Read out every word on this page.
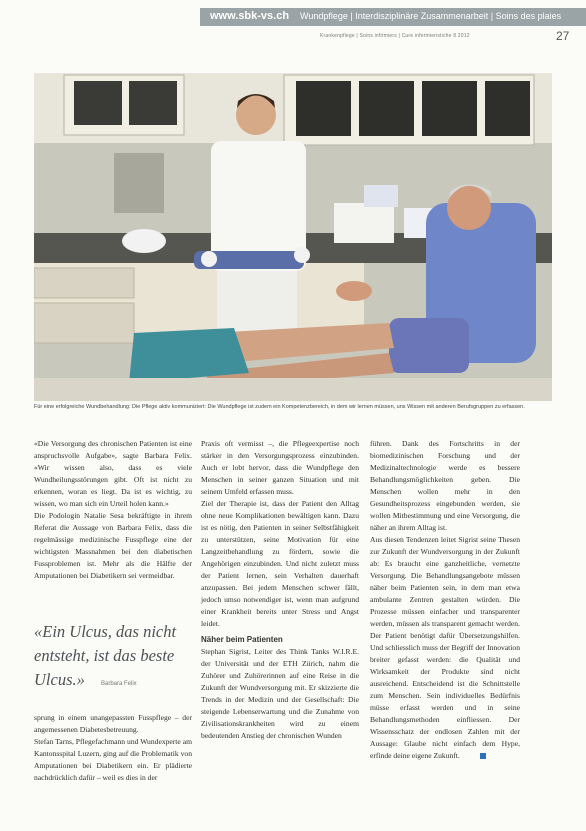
www.sbk-vs.ch Wundpflege | Interdisziplinäre Zusammenarbeit | Soins des plaies
Krankenpflege | Soins infirmiers | Cure infermieristiche 8 2012	27
Für eine erfolgreiche Wundbehandlung: Die Pflege aktiv kommuniziert: Die Wundpflege ist zudem ein Kompetenzbereich, in dem wir lernen müssen, uns Wissen mit anderen Berufsgruppen zu erfassen.

«Die Versorgung des chronischen Patienten ist eine anspruchsvolle Aufgabe», sagte Barbara Felix. «Wir wissen also, dass es viele Wundheilungsstörungen gibt. Oft ist nicht zu erkennen, woran es liegt. Da ist es wichtig, zu wissen, wo man sich ein Urteil holen kann.»

Die Podologin Natalie Sesa bekräftigte in ihrem Referat die Aussage von Barbara Felix, dass die regelmässige medizinische Fusspflege eine der wichtigsten Massnahmen bei den diabetischen Fussproblemen ist. Mehr als die Hälfte der Amputationen bei Diabetikern sei vermeidbar.

«Ein Ulcus, das nicht entsteht, ist das beste Ulcus.»	Barbara Felix

sprung in einem unangepassten Fusspflege – der angemessenen Diabetesbetreuung.

Stefan Tarns, Pflegefachmann und Wundexperte am Kantonsspital Luzern, ging auf die Problematik von Amputationen bei Diabetikern ein. Er plädierte nachdrücklich dafür – weil es dies in der

Praxis oft vermisst –, die Pflegeexpertise noch stärker in den Versorgungsprozess einzubinden. Auch er lobt hervor, dass die Wundpflege den Menschen in seiner ganzen Situation und mit seinem Umfeld erfassen muss.

Ziel der Therapie ist, dass der Patient den Alltag ohne neue Komplikationen bewältigen kann. Dazu ist es nötig, den Patienten in seiner Selbstfähigkeit zu unterstützen, seine Motivation für eine Langzeitbehandlung zu fördern, sowie die Angehörigen einzubinden. Und nicht zuletzt muss der Patient lernen, sein Verhalten dauerhaft anzupassen. Bei jedem Menschen schwer fällt, jedoch umso notwendiger ist, wenn man aufgrund einer Krankheit bereits unter Stress und Angst leidet.

Näher beim Patienten

Stephan Sigrist, Leiter des Think Tanks W.I.R.E. der Universität und der ETH Zürich, nahm die Zuhörer und Zuhörerinnen auf eine Reise in die Zukunft der Wundversorgung mit. Er skizzierte die Trends in der Medizin und der Gesellschaft: Die steigende Lebenserwartung und die Zunahme von Zivilisationskrankheiten wird zu einem bedeutenden Anstieg der chronischen Wunden

führen. Dank des Fortschritts in der biomedizinischen Forschung und der Medizinaltechnologie werde es bessere Behandlungsmöglichkeiten geben. Die Menschen wollen mehr in den Gesundheitsprozess eingebunden werden, sie wollen Mitbestimmung und eine Versorgung, die näher an ihrem Alltag ist.

Aus diesen Tendenzen leitet Sigrist seine Thesen zur Zukunft der Wundversorgung in der Zukunft ab: Es braucht eine ganzheitliche, vernetzte Versorgung. Die Behandlungsangebote müssen näher beim Patienten sein, in dem man etwa ambulante Zentren gestalten würden. Die Prozesse müssen einfacher und transparenter werden, müssen als transparent gemacht werden. Der Patient benötigt dafür Übersetzungshilfen. Und schliesslich muss der Begriff der Innovation breiter gefasst werden: die Qualität und Wirksamkeit der Produkte sind nicht ausreichend. Entscheidend ist die Schnittstelle zum Menschen. Sein individuelles Bedürfnis müsse erfasst werden und in seine Behandlungsmethoden einfliessen. Der Wissensschatz der endlosen Zahlen mit der Aussage: Glaube nicht einfach dem Hype, erfinde deine eigene Zukunft.
